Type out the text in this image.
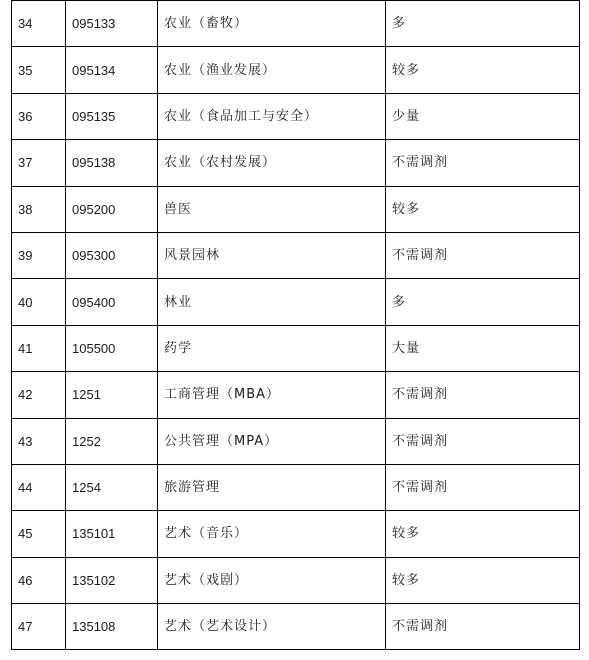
34	095133	农业（畜牧）	多
35	095134	农业（渔业发展）	较多
36	095135	农业（食品加工与安全）	少量
37	095138	农业（农村发展）	不需调剂
38	095200	兽医	较多
39	095300	风景园林	不需调剂
40	095400	林业	多
41	105500	药学	大量
42	1251	工商管理（MBA）	不需调剂
43	1252	公共管理（MPA）	不需调剂
44	1254	旅游管理	不需调剂
45	135101	艺术（音乐）	较多
46	135102	艺术（戏剧）	较多
47	135108	艺术（艺术设计）	不需调剂
